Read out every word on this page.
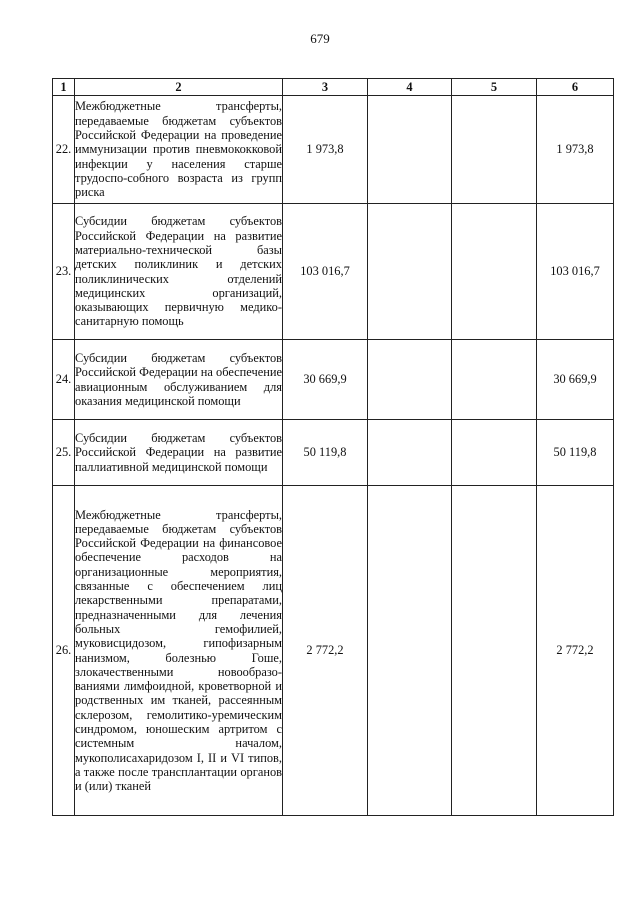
679
1	2	3	4	5	6
22.	Межбюджетные трансферты, передаваемые бюджетам субъектов Российской Федерации на проведение иммунизации против пневмококковой инфекции у населения старше трудоспо-собного возраста из групп риска	1 973,8			1 973,8
23.	Субсидии бюджетам субъектов Российской Федерации на развитие материально-технической базы детских поликлиник и детских поликлинических отделений медицинских организаций, оказывающих первичную медико-санитарную помощь	103 016,7			103 016,7
24.	Субсидии бюджетам субъектов Российской Федерации на обеспечение авиационным обслуживанием для оказания медицинской помощи	30 669,9			30 669,9
25.	Субсидии бюджетам субъектов Российской Федерации на развитие паллиативной медицинской помощи	50 119,8			50 119,8
26.	Межбюджетные трансферты, передаваемые бюджетам субъектов Российской Федерации на финансовое обеспечение расходов на организационные мероприятия, связанные с обеспечением лиц лекарственными препаратами, предназначенными для лечения больных гемофилией, муковисцидозом, гипофизарным нанизмом, болезнью Гоше, злокачественными новообразо-ваниями лимфоидной, кроветворной и родственных им тканей, рассеянным склерозом, гемолитико-уремическим синдромом, юношеским артритом с системным началом, мукополисахаридозом I, II и VI типов, а также после трансплантации органов и (или) тканей	2 772,2			2 772,2
